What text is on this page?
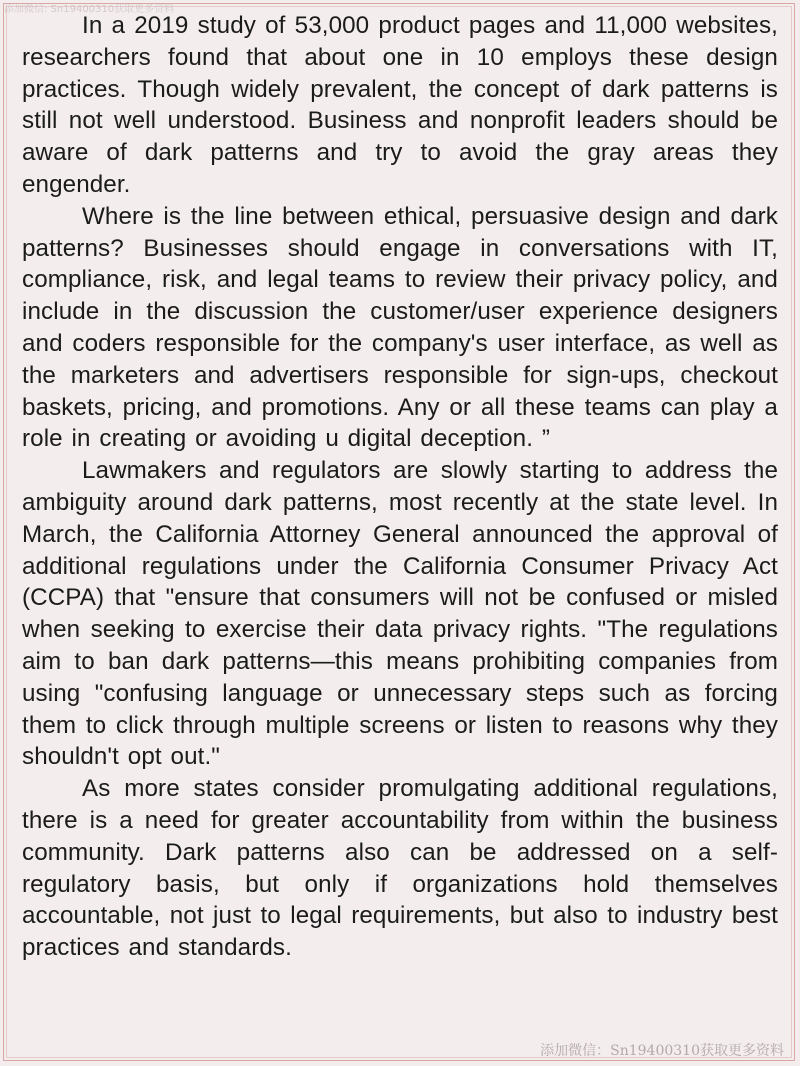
添加微信: Sn19400310获取更多资料

In a 2019 study of 53,000 product pages and 11,000 websites, researchers found that about one in 10 employs these design practices. Though widely prevalent, the concept of dark patterns is still not well understood. Business and nonprofit leaders should be aware of dark patterns and try to avoid the gray areas they engender.

Where is the line between ethical, persuasive design and dark patterns? Businesses should engage in conversations with IT, compliance, risk, and legal teams to review their privacy policy, and include in the discussion the customer/user experience designers and coders responsible for the company's user interface, as well as the marketers and advertisers responsible for sign-ups, checkout baskets, pricing, and promotions. Any or all these teams can play a role in creating or avoiding u digital deception. ”

Lawmakers and regulators are slowly starting to address the ambiguity around dark patterns, most recently at the state level. In March, the California Attorney General announced the approval of additional regulations under the California Consumer Privacy Act (CCPA) that "ensure that consumers will not be confused or misled when seeking to exercise their data privacy rights. "The regulations aim to ban dark patterns—this means prohibiting companies from using "confusing language or unnecessary steps such as forcing them to click through multiple screens or listen to reasons why they shouldn't opt out."

As more states consider promulgating additional regulations, there is a need for greater accountability from within the business community. Dark patterns also can be addressed on a self-regulatory basis, but only if organizations hold themselves accountable, not just to legal requirements, but also to industry best practices and standards.

添加微信：Sn19400310获取更多资料
